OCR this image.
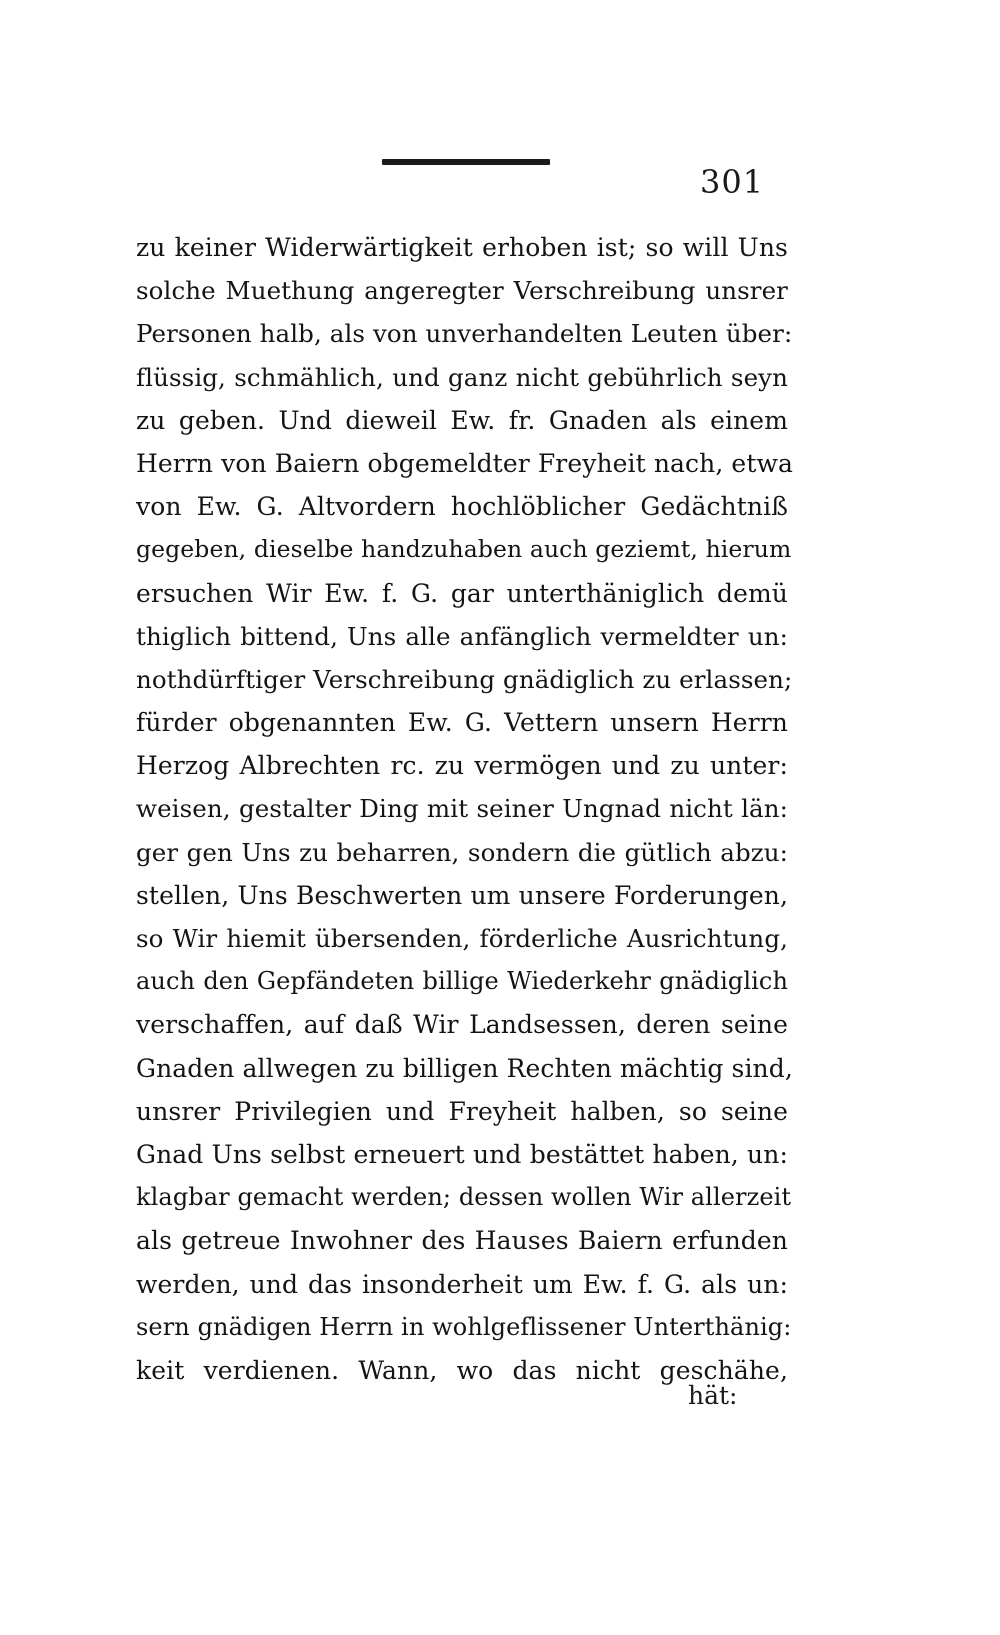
301
zu keiner Widerwärtigkeit erhoben ist; so will Uns
solche Muethung angeregter Verschreibung unsrer
Personen halb, als von unverhandelten Leuten über:
flüssig, schmählich, und ganz nicht gebührlich seyn
zu geben. Und dieweil Ew. fr. Gnaden als einem
Herrn von Baiern obgemeldter Freyheit nach, etwa
von Ew. G. Altvordern hochlöblicher Gedächtniß
gegeben, dieselbe handzuhaben auch geziemt, hierum
ersuchen Wir Ew. f. G. gar unterthäniglich demü
thiglich bittend, Uns alle anfänglich vermeldter un:
nothdürftiger Verschreibung gnädiglich zu erlassen;
fürder obgenannten Ew. G. Vettern unsern Herrn
Herzog Albrechten rc. zu vermögen und zu unter:
weisen, gestalter Ding mit seiner Ungnad nicht län:
ger gen Uns zu beharren, sondern die gütlich abzu:
stellen, Uns Beschwerten um unsere Forderungen,
so Wir hiemit übersenden, förderliche Ausrichtung,
auch den Gepfändeten billige Wiederkehr gnädiglich
verschaffen, auf daß Wir Landsessen, deren seine
Gnaden allwegen zu billigen Rechten mächtig sind,
unsrer Privilegien und Freyheit halben, so seine
Gnad Uns selbst erneuert und bestättet haben, un:
klagbar gemacht werden; dessen wollen Wir allerzeit
als getreue Inwohner des Hauses Baiern erfunden
werden, und das insonderheit um Ew. f. G. als un:
sern gnädigen Herrn in wohlgeflissener Unterthänig:
keit verdienen. Wann, wo das nicht geschähe,
hät:
